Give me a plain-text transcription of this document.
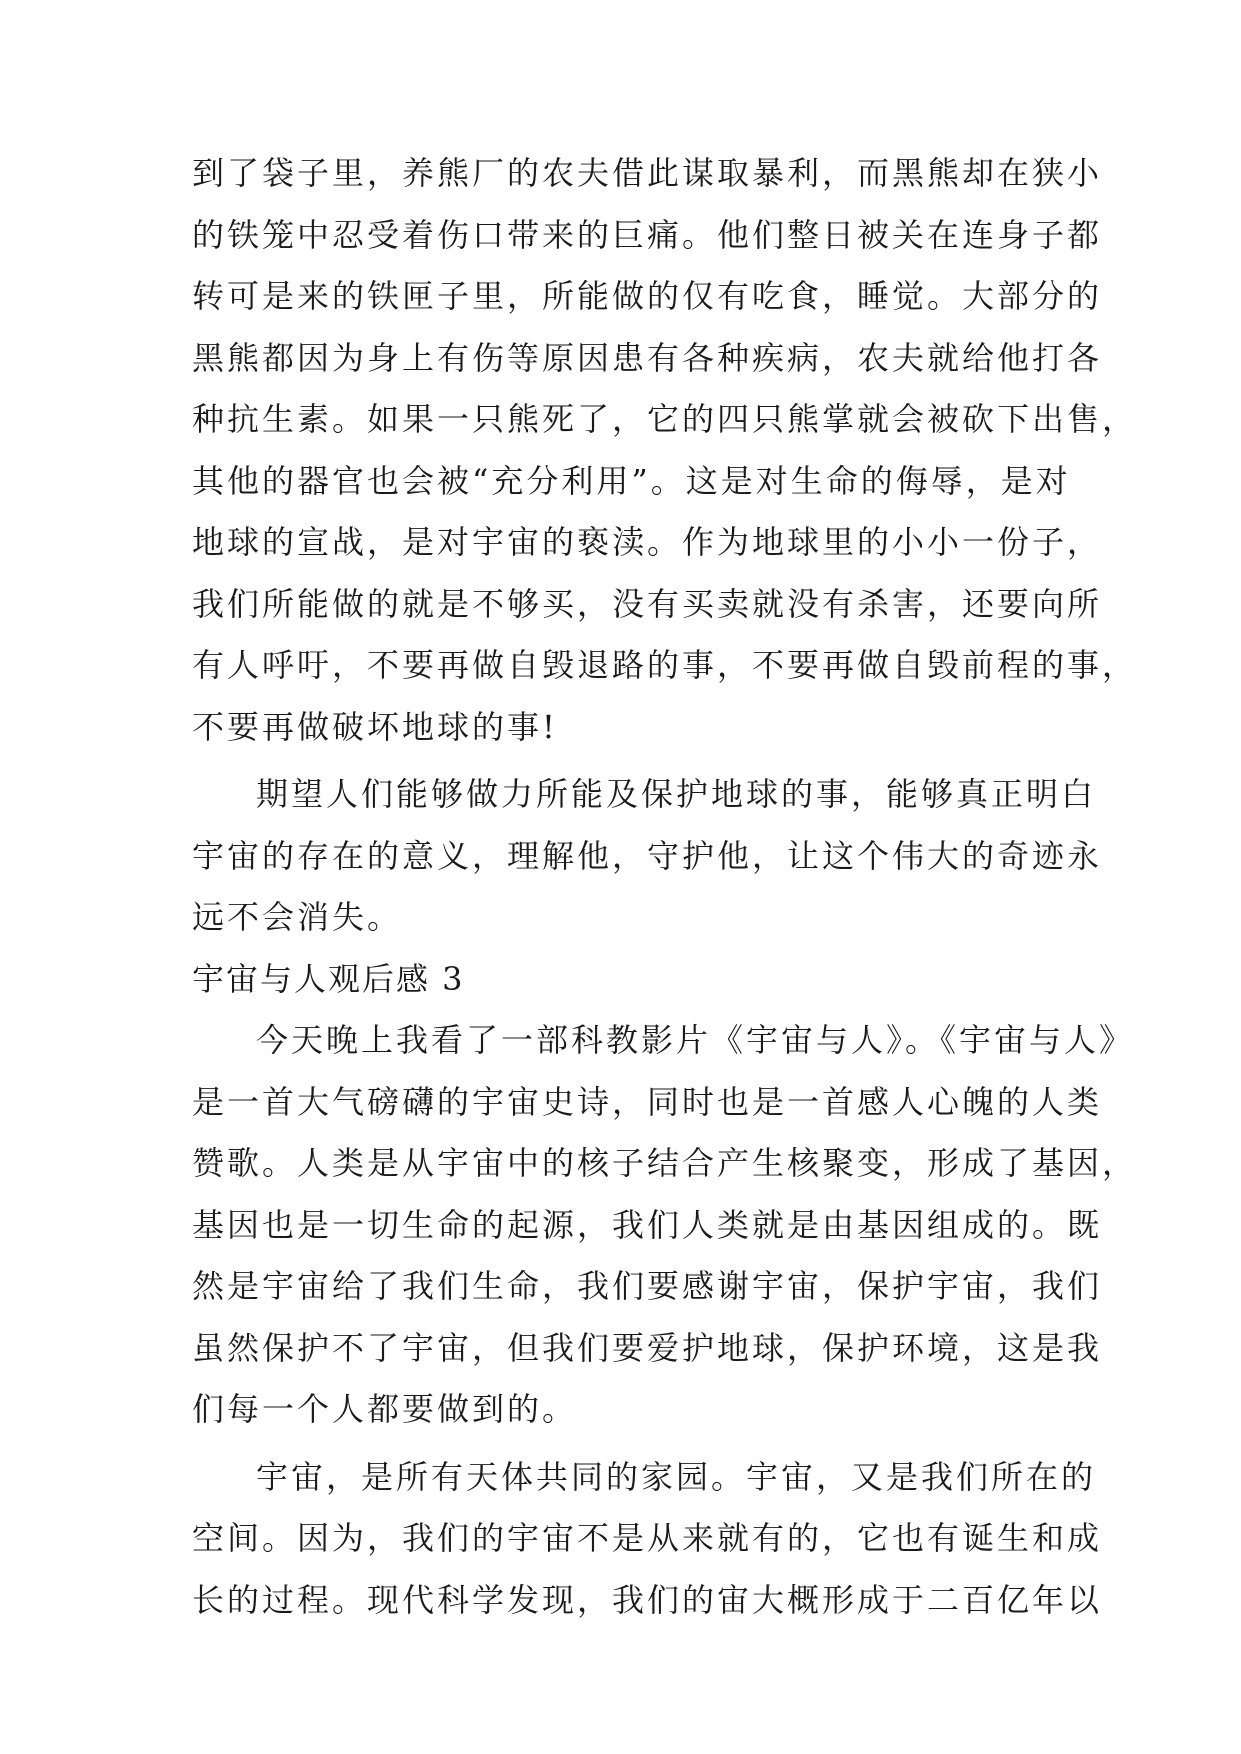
到了袋子里，养熊厂的农夫借此谋取暴利，而黑熊却在狭小
的铁笼中忍受着伤口带来的巨痛。他们整日被关在连身子都
转可是来的铁匣子里，所能做的仅有吃食，睡觉。大部分的
黑熊都因为身上有伤等原因患有各种疾病，农夫就给他打各
种抗生素。如果一只熊死了，它的四只熊掌就会被砍下出售，
其他的器官也会被“充分利用”。这是对生命的侮辱，是对
地球的宣战，是对宇宙的亵渎。作为地球里的小小一份子，
我们所能做的就是不够买，没有买卖就没有杀害，还要向所
有人呼吁，不要再做自毁退路的事，不要再做自毁前程的事，
不要再做破坏地球的事!
期望人们能够做力所能及保护地球的事，能够真正明白
宇宙的存在的意义，理解他，守护他，让这个伟大的奇迹永
远不会消失。
宇宙与人观后感 3
今天晚上我看了一部科教影片《宇宙与人》。《宇宙与人》
是一首大气磅礴的宇宙史诗，同时也是一首感人心魄的人类
赞歌。人类是从宇宙中的核子结合产生核聚变，形成了基因，
基因也是一切生命的起源，我们人类就是由基因组成的。既
然是宇宙给了我们生命，我们要感谢宇宙，保护宇宙，我们
虽然保护不了宇宙，但我们要爱护地球，保护环境，这是我
们每一个人都要做到的。
宇宙，是所有天体共同的家园。宇宙，又是我们所在的
空间。因为，我们的宇宙不是从来就有的，它也有诞生和成
长的过程。现代科学发现，我们的宙大概形成于二百亿年以
